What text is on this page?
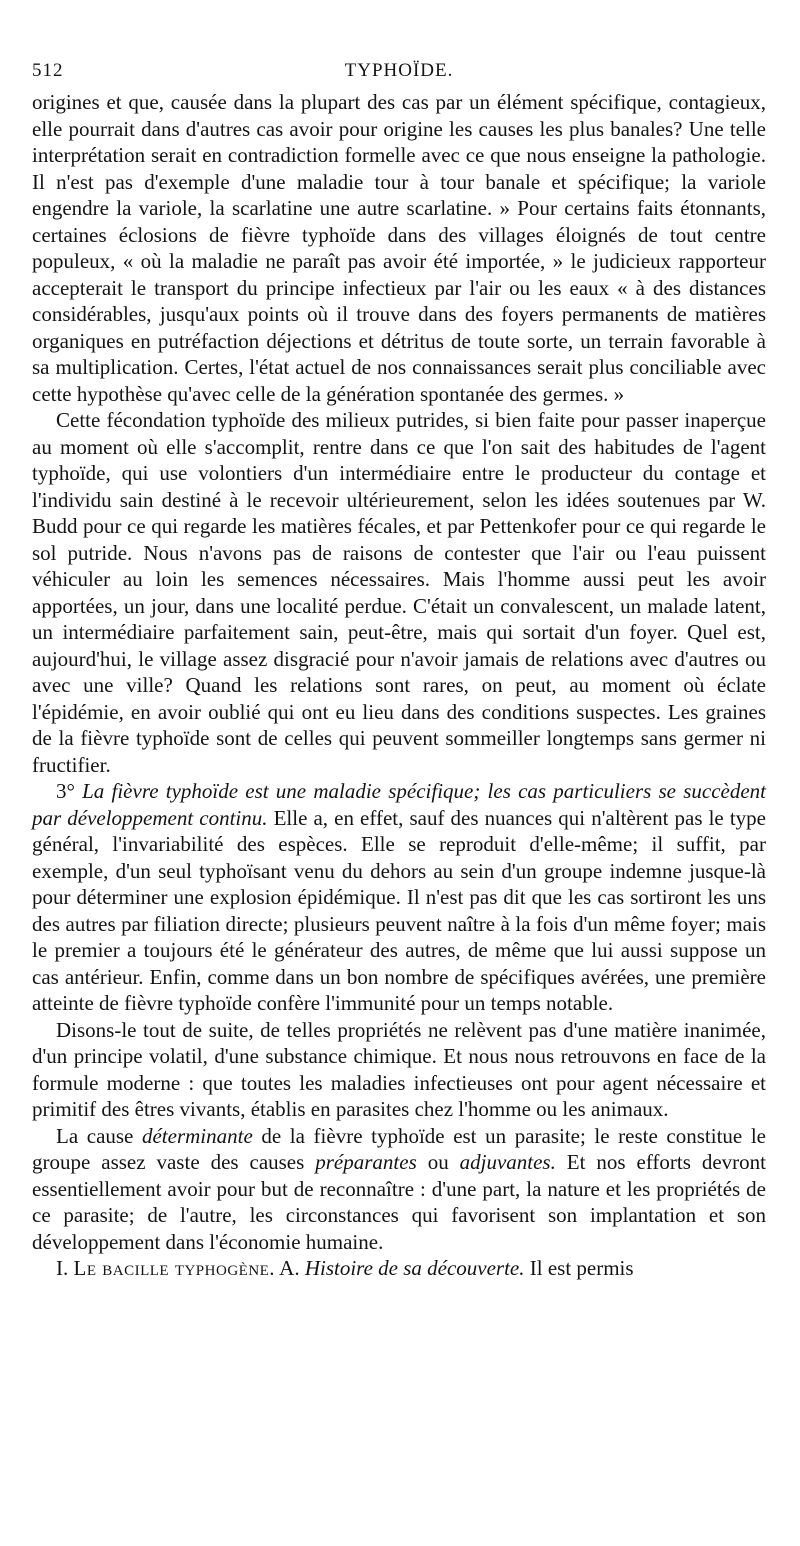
512	TYPHOÏDE.

origines et que, causée dans la plupart des cas par un élément spécifique, contagieux, elle pourrait dans d'autres cas avoir pour origine les causes les plus banales? Une telle interprétation serait en contradiction formelle avec ce que nous enseigne la pathologie. Il n'est pas d'exemple d'une maladie tour à tour banale et spécifique; la variole engendre la variole, la scarlatine une autre scarlatine. » Pour certains faits étonnants, certaines éclosions de fièvre typhoïde dans des villages éloignés de tout centre populeux, « où la maladie ne paraît pas avoir été importée, » le judicieux rapporteur accepterait le transport du principe infectieux par l'air ou les eaux « à des distances considérables, jusqu'aux points où il trouve dans des foyers permanents de matières organiques en putréfaction déjections et détritus de toute sorte, un terrain favorable à sa multiplication. Certes, l'état actuel de nos connaissances serait plus conciliable avec cette hypothèse qu'avec celle de la génération spontanée des germes. »

Cette fécondation typhoïde des milieux putrides, si bien faite pour passer inaperçue au moment où elle s'accomplit, rentre dans ce que l'on sait des habitudes de l'agent typhoïde, qui use volontiers d'un intermédiaire entre le producteur du contage et l'individu sain destiné à le recevoir ultérieurement, selon les idées soutenues par W. Budd pour ce qui regarde les matières fécales, et par Pettenkofer pour ce qui regarde le sol putride. Nous n'avons pas de raisons de contester que l'air ou l'eau puissent véhiculer au loin les semences nécessaires. Mais l'homme aussi peut les avoir apportées, un jour, dans une localité perdue. C'était un convalescent, un malade latent, un intermédiaire parfaitement sain, peut-être, mais qui sortait d'un foyer. Quel est, aujourd'hui, le village assez disgracié pour n'avoir jamais de relations avec d'autres ou avec une ville? Quand les relations sont rares, on peut, au moment où éclate l'épidémie, en avoir oublié qui ont eu lieu dans des conditions suspectes. Les graines de la fièvre typhoïde sont de celles qui peuvent sommeiller longtemps sans germer ni fructifier.

3° La fièvre typhoïde est une maladie spécifique; les cas particuliers se succèdent par développement continu. Elle a, en effet, sauf des nuances qui n'altèrent pas le type général, l'invariabilité des espèces. Elle se reproduit d'elle-même; il suffit, par exemple, d'un seul typhoïsant venu du dehors au sein d'un groupe indemne jusque-là pour déterminer une explosion épidémique. Il n'est pas dit que les cas sortiront les uns des autres par filiation directe; plusieurs peuvent naître à la fois d'un même foyer; mais le premier a toujours été le générateur des autres, de même que lui aussi suppose un cas antérieur. Enfin, comme dans un bon nombre de spécifiques avérées, une première atteinte de fièvre typhoïde confère l'immunité pour un temps notable.

Disons-le tout de suite, de telles propriétés ne relèvent pas d'une matière inanimée, d'un principe volatil, d'une substance chimique. Et nous nous retrouvons en face de la formule moderne : que toutes les maladies infectieuses ont pour agent nécessaire et primitif des êtres vivants, établis en parasites chez l'homme ou les animaux.

La cause déterminante de la fièvre typhoïde est un parasite; le reste constitue le groupe assez vaste des causes préparantes ou adjuvantes. Et nos efforts devront essentiellement avoir pour but de reconnaître : d'une part, la nature et les propriétés de ce parasite; de l'autre, les circonstances qui favorisent son implantation et son développement dans l'économie humaine.

I. Le bacille typhogène. A. Histoire de sa découverte. Il est permis
